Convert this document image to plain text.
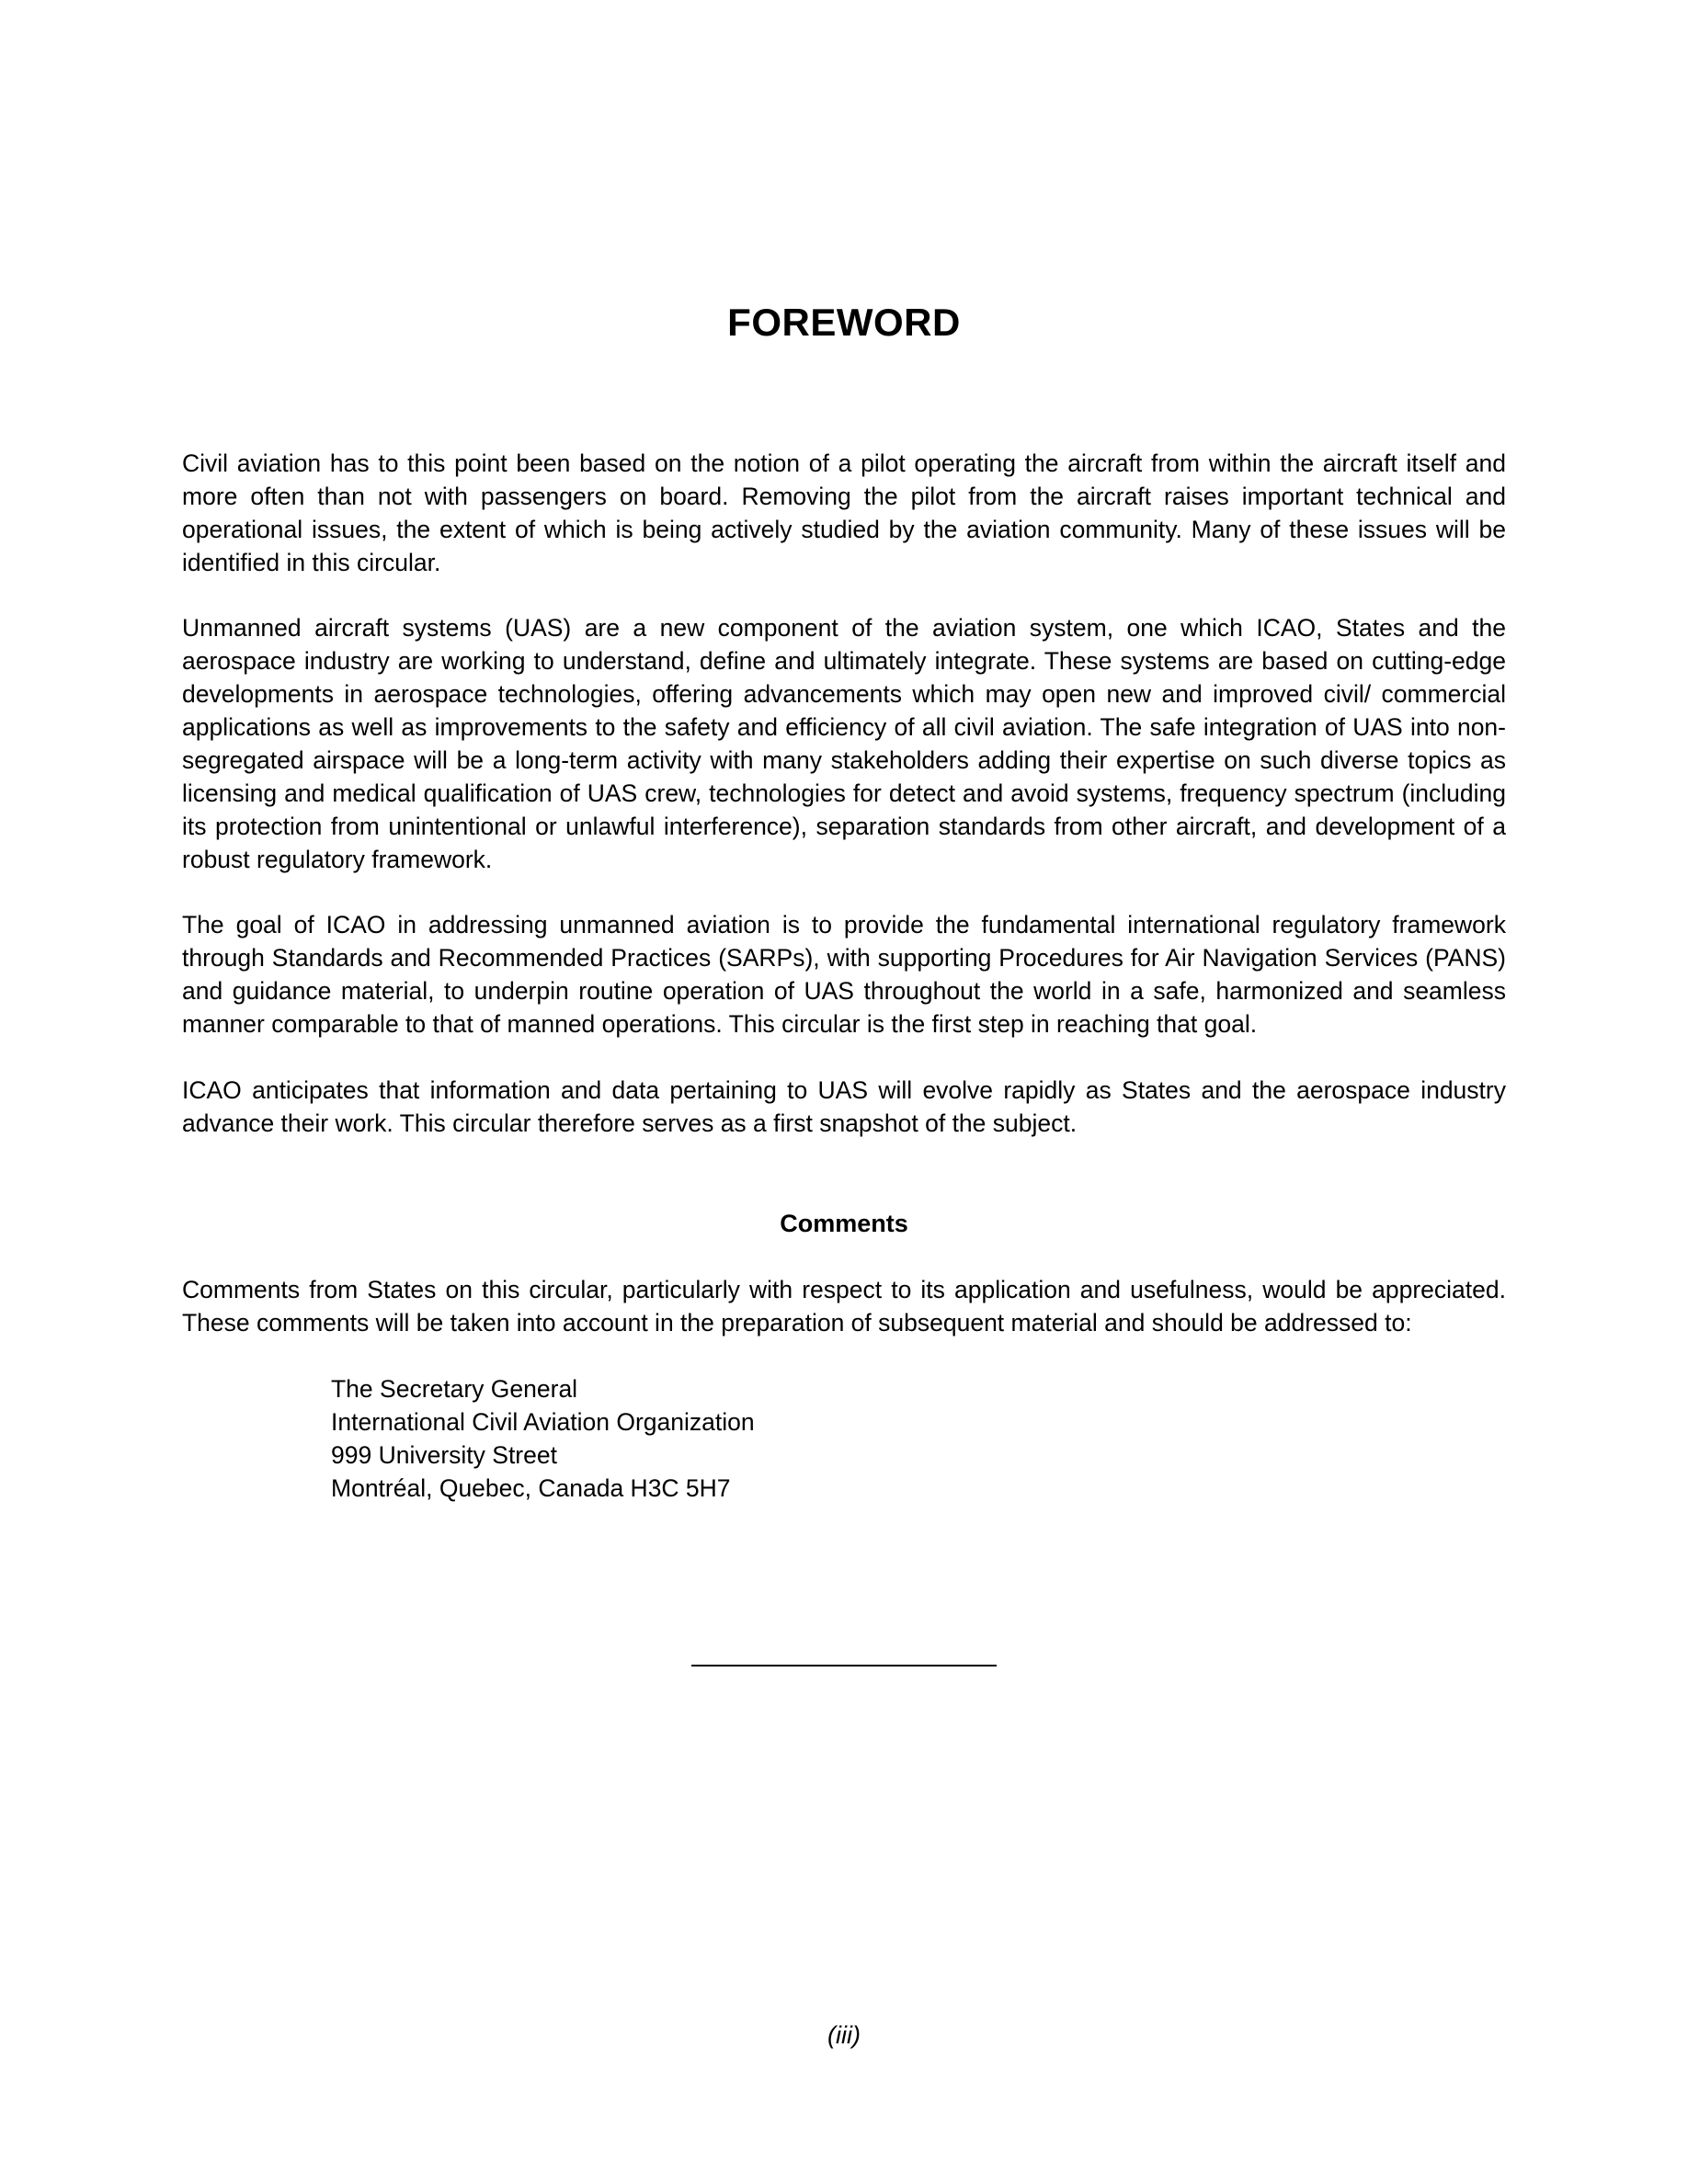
FOREWORD

Civil aviation has to this point been based on the notion of a pilot operating the aircraft from within the aircraft itself and more often than not with passengers on board. Removing the pilot from the aircraft raises important technical and operational issues, the extent of which is being actively studied by the aviation community. Many of these issues will be identified in this circular.

Unmanned aircraft systems (UAS) are a new component of the aviation system, one which ICAO, States and the aerospace industry are working to understand, define and ultimately integrate. These systems are based on cutting-edge developments in aerospace technologies, offering advancements which may open new and improved civil/ commercial applications as well as improvements to the safety and efficiency of all civil aviation. The safe integration of UAS into non-segregated airspace will be a long-term activity with many stakeholders adding their expertise on such diverse topics as licensing and medical qualification of UAS crew, technologies for detect and avoid systems, frequency spectrum (including its protection from unintentional or unlawful interference), separation standards from other aircraft, and development of a robust regulatory framework.

The goal of ICAO in addressing unmanned aviation is to provide the fundamental international regulatory framework through Standards and Recommended Practices (SARPs), with supporting Procedures for Air Navigation Services (PANS) and guidance material, to underpin routine operation of UAS throughout the world in a safe, harmonized and seamless manner comparable to that of manned operations. This circular is the first step in reaching that goal.

ICAO anticipates that information and data pertaining to UAS will evolve rapidly as States and the aerospace industry advance their work. This circular therefore serves as a first snapshot of the subject.

Comments

Comments from States on this circular, particularly with respect to its application and usefulness, would be appreciated. These comments will be taken into account in the preparation of subsequent material and should be addressed to:

The Secretary General
International Civil Aviation Organization
999 University Street
Montréal, Quebec, Canada H3C 5H7

(iii)
